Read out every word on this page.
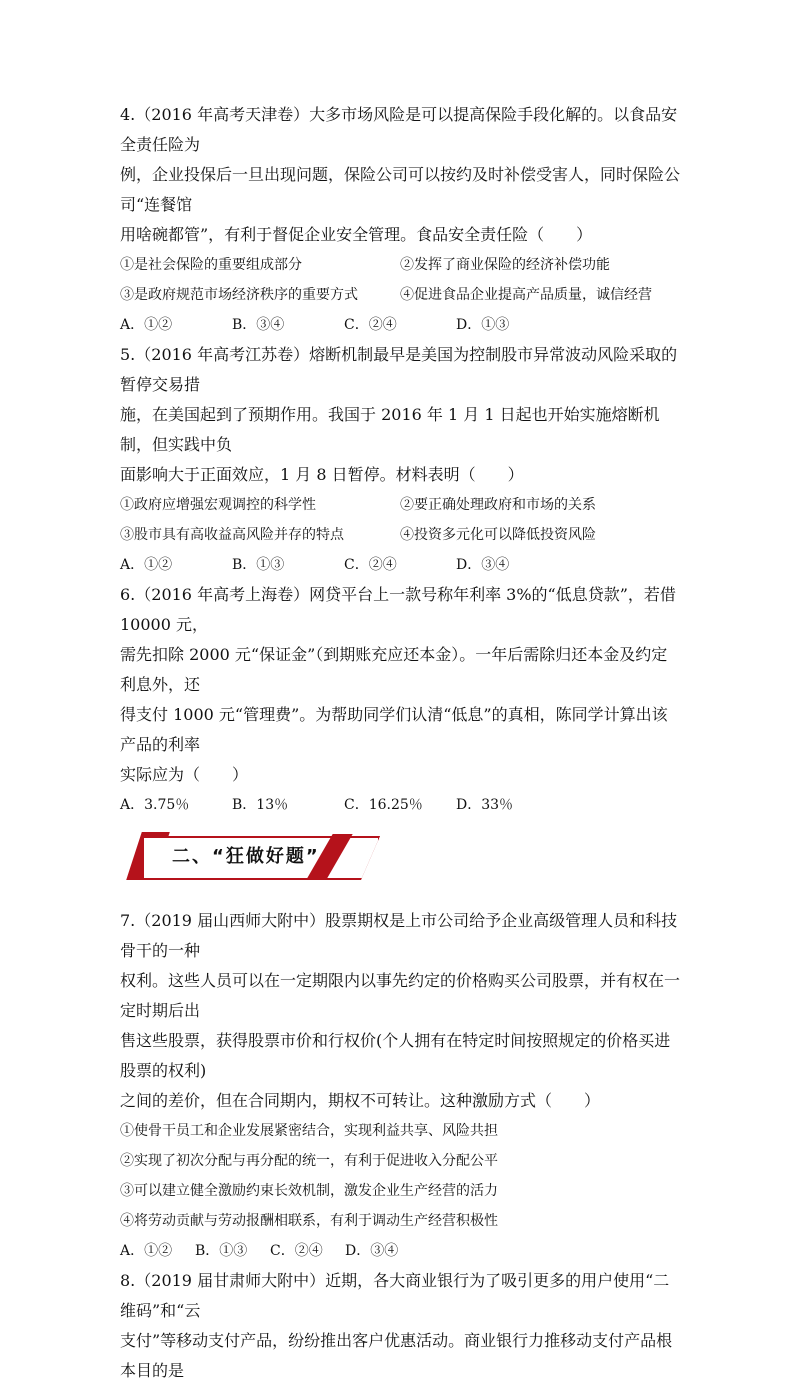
4.（2016 年高考天津卷）大多市场风险是可以提高保险手段化解的。以食品安全责任险为

例，企业投保后一旦出现问题，保险公司可以按约及时补偿受害人，同时保险公司“连餐馆

用啥碗都管”，有利于督促企业安全管理。食品安全责任险（　　）

①是社会保险的重要组成部分	②发挥了商业保险的经济补偿功能
③是政府规范市场经济秩序的重要方式	④促进食品企业提高产品质量，诚信经营
A．①②	B．③④	C．②④	D．①③

5.（2016 年高考江苏卷）熔断机制最早是美国为控制股市异常波动风险采取的暂停交易措

施，在美国起到了预期作用。我国于 2016 年 1 月 1 日起也开始实施熔断机制，但实践中负

面影响大于正面效应，1 月 8 日暂停。材料表明（　　）

①政府应增强宏观调控的科学性	②要正确处理政府和市场的关系
③股市具有高收益高风险并存的特点	④投资多元化可以降低投资风险
A．①②	B．①③	C．②④	D．③④

6.（2016 年高考上海卷）网贷平台上一款号称年利率 3%的“低息贷款”，若借 10000 元，

需先扣除 2000 元“保证金”（到期账充应还本金）。一年后需除归还本金及约定利息外，还

得支付 1000 元“管理费”。为帮助同学们认清“低息”的真相，陈同学计算出该产品的利率

实际应为（　　）

A．3.75％	B．13％	C．16.25％	D．33％
二、“狂做好题”

7.（2019 届山西师大附中）股票期权是上市公司给予企业高级管理人员和科技骨干的一种

权利。这些人员可以在一定期限内以事先约定的价格购买公司股票，并有权在一定时期后出

售这些股票，获得股票市价和行权价(个人拥有在特定时间按照规定的价格买进股票的权利)

之间的差价，但在合同期内，期权不可转让。这种激励方式（　　）

①使骨干员工和企业发展紧密结合，实现利益共享、风险共担

②实现了初次分配与再分配的统一，有利于促进收入分配公平

③可以建立健全激励约束长效机制，激发企业生产经营的活力

④将劳动贡献与劳动报酬相联系，有利于调动生产经营积极性

A．①②	B．①③	C．②④	D．③④

8.（2019 届甘肃师大附中）近期，各大商业银行为了吸引更多的用户使用“二维码”和“云

支付”等移动支付产品，纷纷推出客户优惠活动。商业银行力推移动支付产品根本目的是
